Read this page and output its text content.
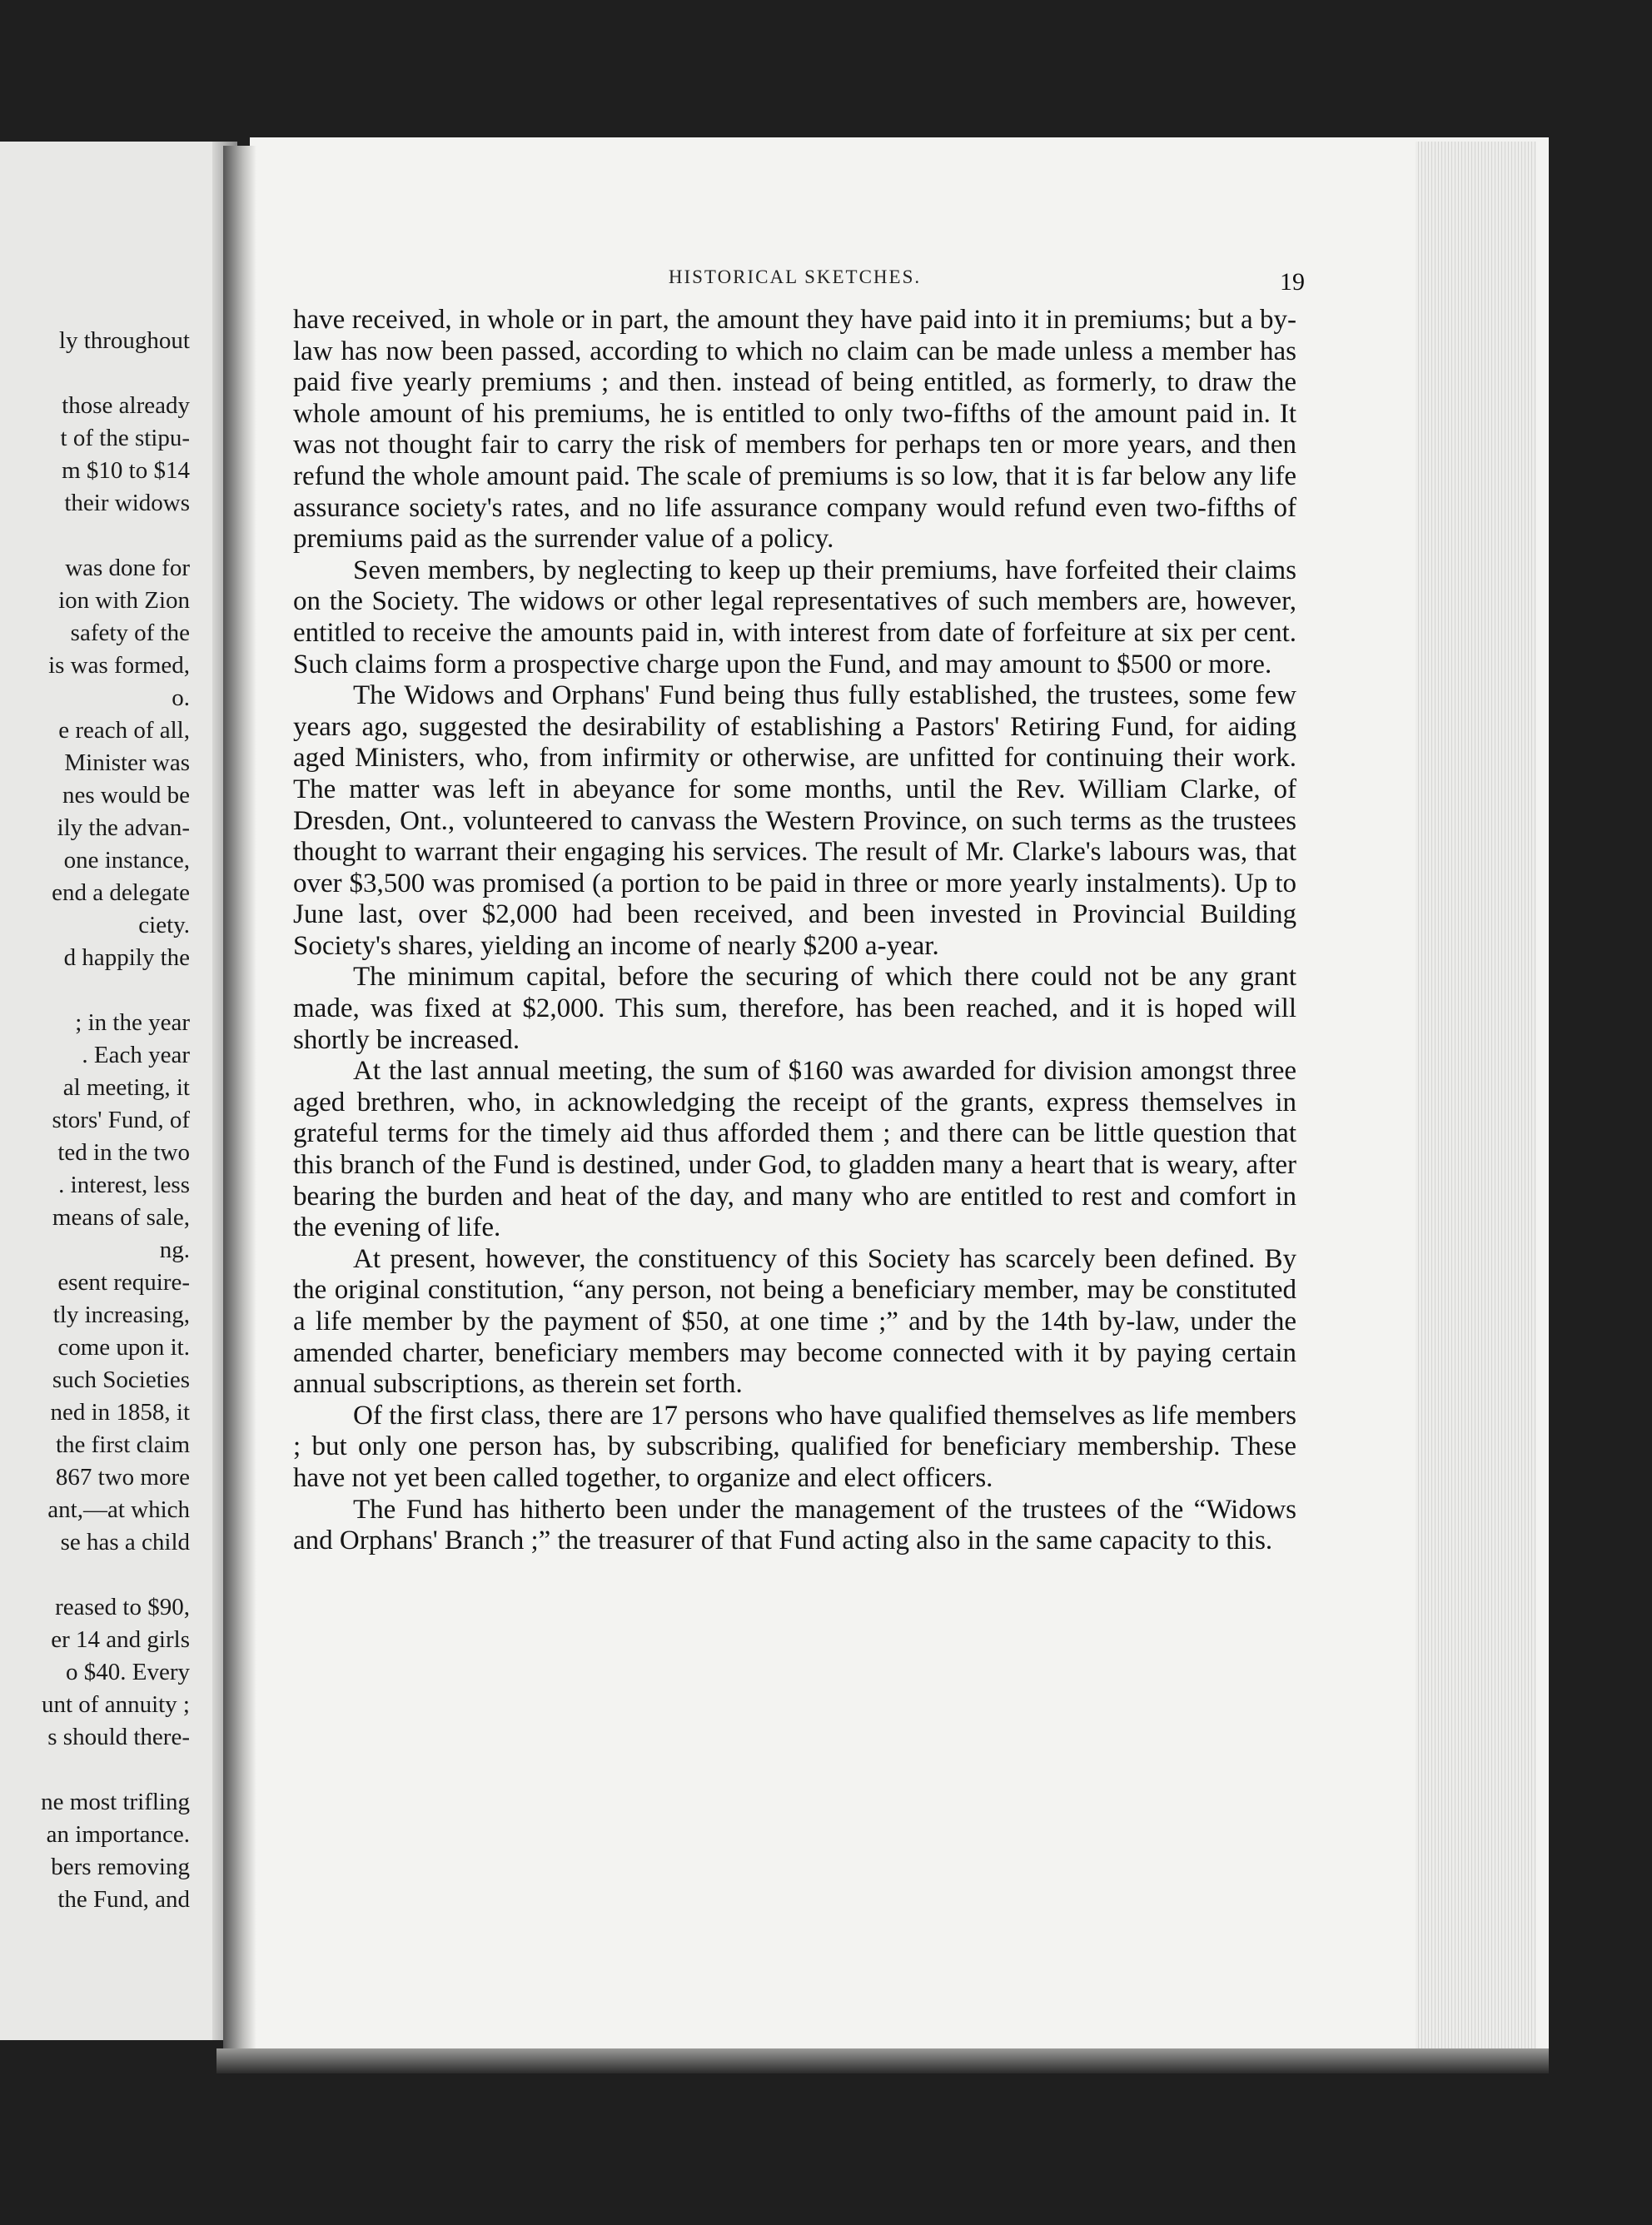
ly throughout
those already
t of the stipu-
m $10 to $14
their widows
was done for
ion with Zion
safety of the
is was formed,
o.
e reach of all,
Minister was
nes would be
ily the advan-
one instance,
end a delegate
ciety.
d happily the
; in the year
. Each year
al meeting, it
stors' Fund, of
ted in the two
. interest, less
means of sale,
ng.
esent require-
tly increasing,
come upon it.
such Societies
ned in 1858, it
the first claim
867 two more
ant,—at which
se has a child
reased to $90,
er 14 and girls
o $40. Every
unt of annuity ;
s should there-
ne most trifling
an importance.
bers removing
the Fund, and
HISTORICAL SKETCHES.	19

have received, in whole or in part, the amount they have paid into it in premiums; but a by-law has now been passed, according to which no claim can be made unless a member has paid five yearly premiums ; and then. instead of being entitled, as formerly, to draw the whole amount of his premiums, he is entitled to only two-fifths of the amount paid in. It was not thought fair to carry the risk of members for perhaps ten or more years, and then refund the whole amount paid. The scale of premiums is so low, that it is far below any life assurance society's rates, and no life assurance company would refund even two-fifths of premiums paid as the surrender value of a policy.

Seven members, by neglecting to keep up their premiums, have forfeited their claims on the Society. The widows or other legal representatives of such members are, however, entitled to receive the amounts paid in, with interest from date of forfeiture at six per cent. Such claims form a prospective charge upon the Fund, and may amount to $500 or more.

The Widows and Orphans' Fund being thus fully established, the trustees, some few years ago, suggested the desirability of establishing a Pastors' Retiring Fund, for aiding aged Ministers, who, from infirmity or otherwise, are unfitted for continuing their work. The matter was left in abeyance for some months, until the Rev. William Clarke, of Dresden, Ont., volunteered to canvass the Western Province, on such terms as the trustees thought to warrant their engaging his services. The result of Mr. Clarke's labours was, that over $3,500 was promised (a portion to be paid in three or more yearly instalments). Up to June last, over $2,000 had been received, and been invested in Provincial Building Society's shares, yielding an income of nearly $200 a-year.

The minimum capital, before the securing of which there could not be any grant made, was fixed at $2,000. This sum, therefore, has been reached, and it is hoped will shortly be increased.

At the last annual meeting, the sum of $160 was awarded for division amongst three aged brethren, who, in acknowledging the receipt of the grants, express themselves in grateful terms for the timely aid thus afforded them ; and there can be little question that this branch of the Fund is destined, under God, to gladden many a heart that is weary, after bearing the burden and heat of the day, and many who are entitled to rest and comfort in the evening of life.

At present, however, the constituency of this Society has scarcely been defined. By the original constitution, “any person, not being a beneficiary member, may be constituted a life member by the payment of $50, at one time ;” and by the 14th by-law, under the amended charter, beneficiary members may become connected with it by paying certain annual subscriptions, as therein set forth.

Of the first class, there are 17 persons who have qualified themselves as life members ; but only one person has, by subscribing, qualified for beneficiary membership. These have not yet been called together, to organize and elect officers.

The Fund has hitherto been under the management of the trustees of the “Widows and Orphans' Branch ;” the treasurer of that Fund acting also in the same capacity to this.
